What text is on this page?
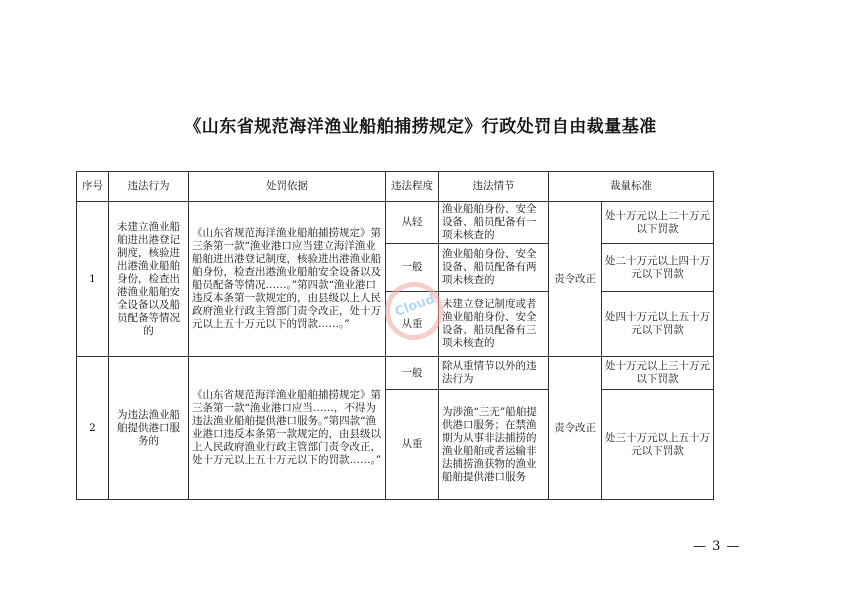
《山东省规范海洋渔业船舶捕捞规定》行政处罚自由裁量基准
序号	违法行为	处罚依据	违法程度	违法情节	裁量标准	
1	未建立渔业船舶进出港登记制度，核验进出港渔业船舶身份，检查出港渔业船舶安全设备以及船员配备等情况的	《山东省规范海洋渔业船舶捕捞规定》第三条第一款“渔业港口应当建立海洋渔业船舶进出港登记制度，核验进出港渔业船舶身份，检查出港渔业船舶安全设备以及船员配备等情况……。”第四款“渔业港口违反本条第一款规定的，由县级以上人民政府渔业行政主管部门责令改正，处十万元以上五十万元以下的罚款……。”	从轻	渔业船舶身份、安全设备、船员配备有一项未核查的	责令改正	处十万元以上二十万元以下罚款
			一般	渔业船舶身份、安全设备、船员配备有两项未核查的		处二十万元以上四十万元以下罚款
			从重	未建立登记制度或者渔业船舶身份、安全设备、船员配备有三项未核查的		处四十万元以上五十万元以下罚款
2	为违法渔业船舶提供港口服务的	《山东省规范海洋渔业船舶捕捞规定》第三条第一款“渔业港口应当……，不得为违法渔业船舶提供港口服务。”第四款“渔业港口违反本条第一款规定的，由县级以上人民政府渔业行政主管部门责令改正，处十万元以上五十万元以下的罚款……。”	一般	除从重情节以外的违法行为	责令改正	处十万元以上三十万元以下罚款
			从重	为涉渔“三无”船舶提供港口服务；在禁渔期为从事非法捕捞的渔业船舶或者运输非法捕捞渔获物的渔业船舶提供港口服务		处三十万元以上五十万元以下罚款
Cloud
— 3 —
